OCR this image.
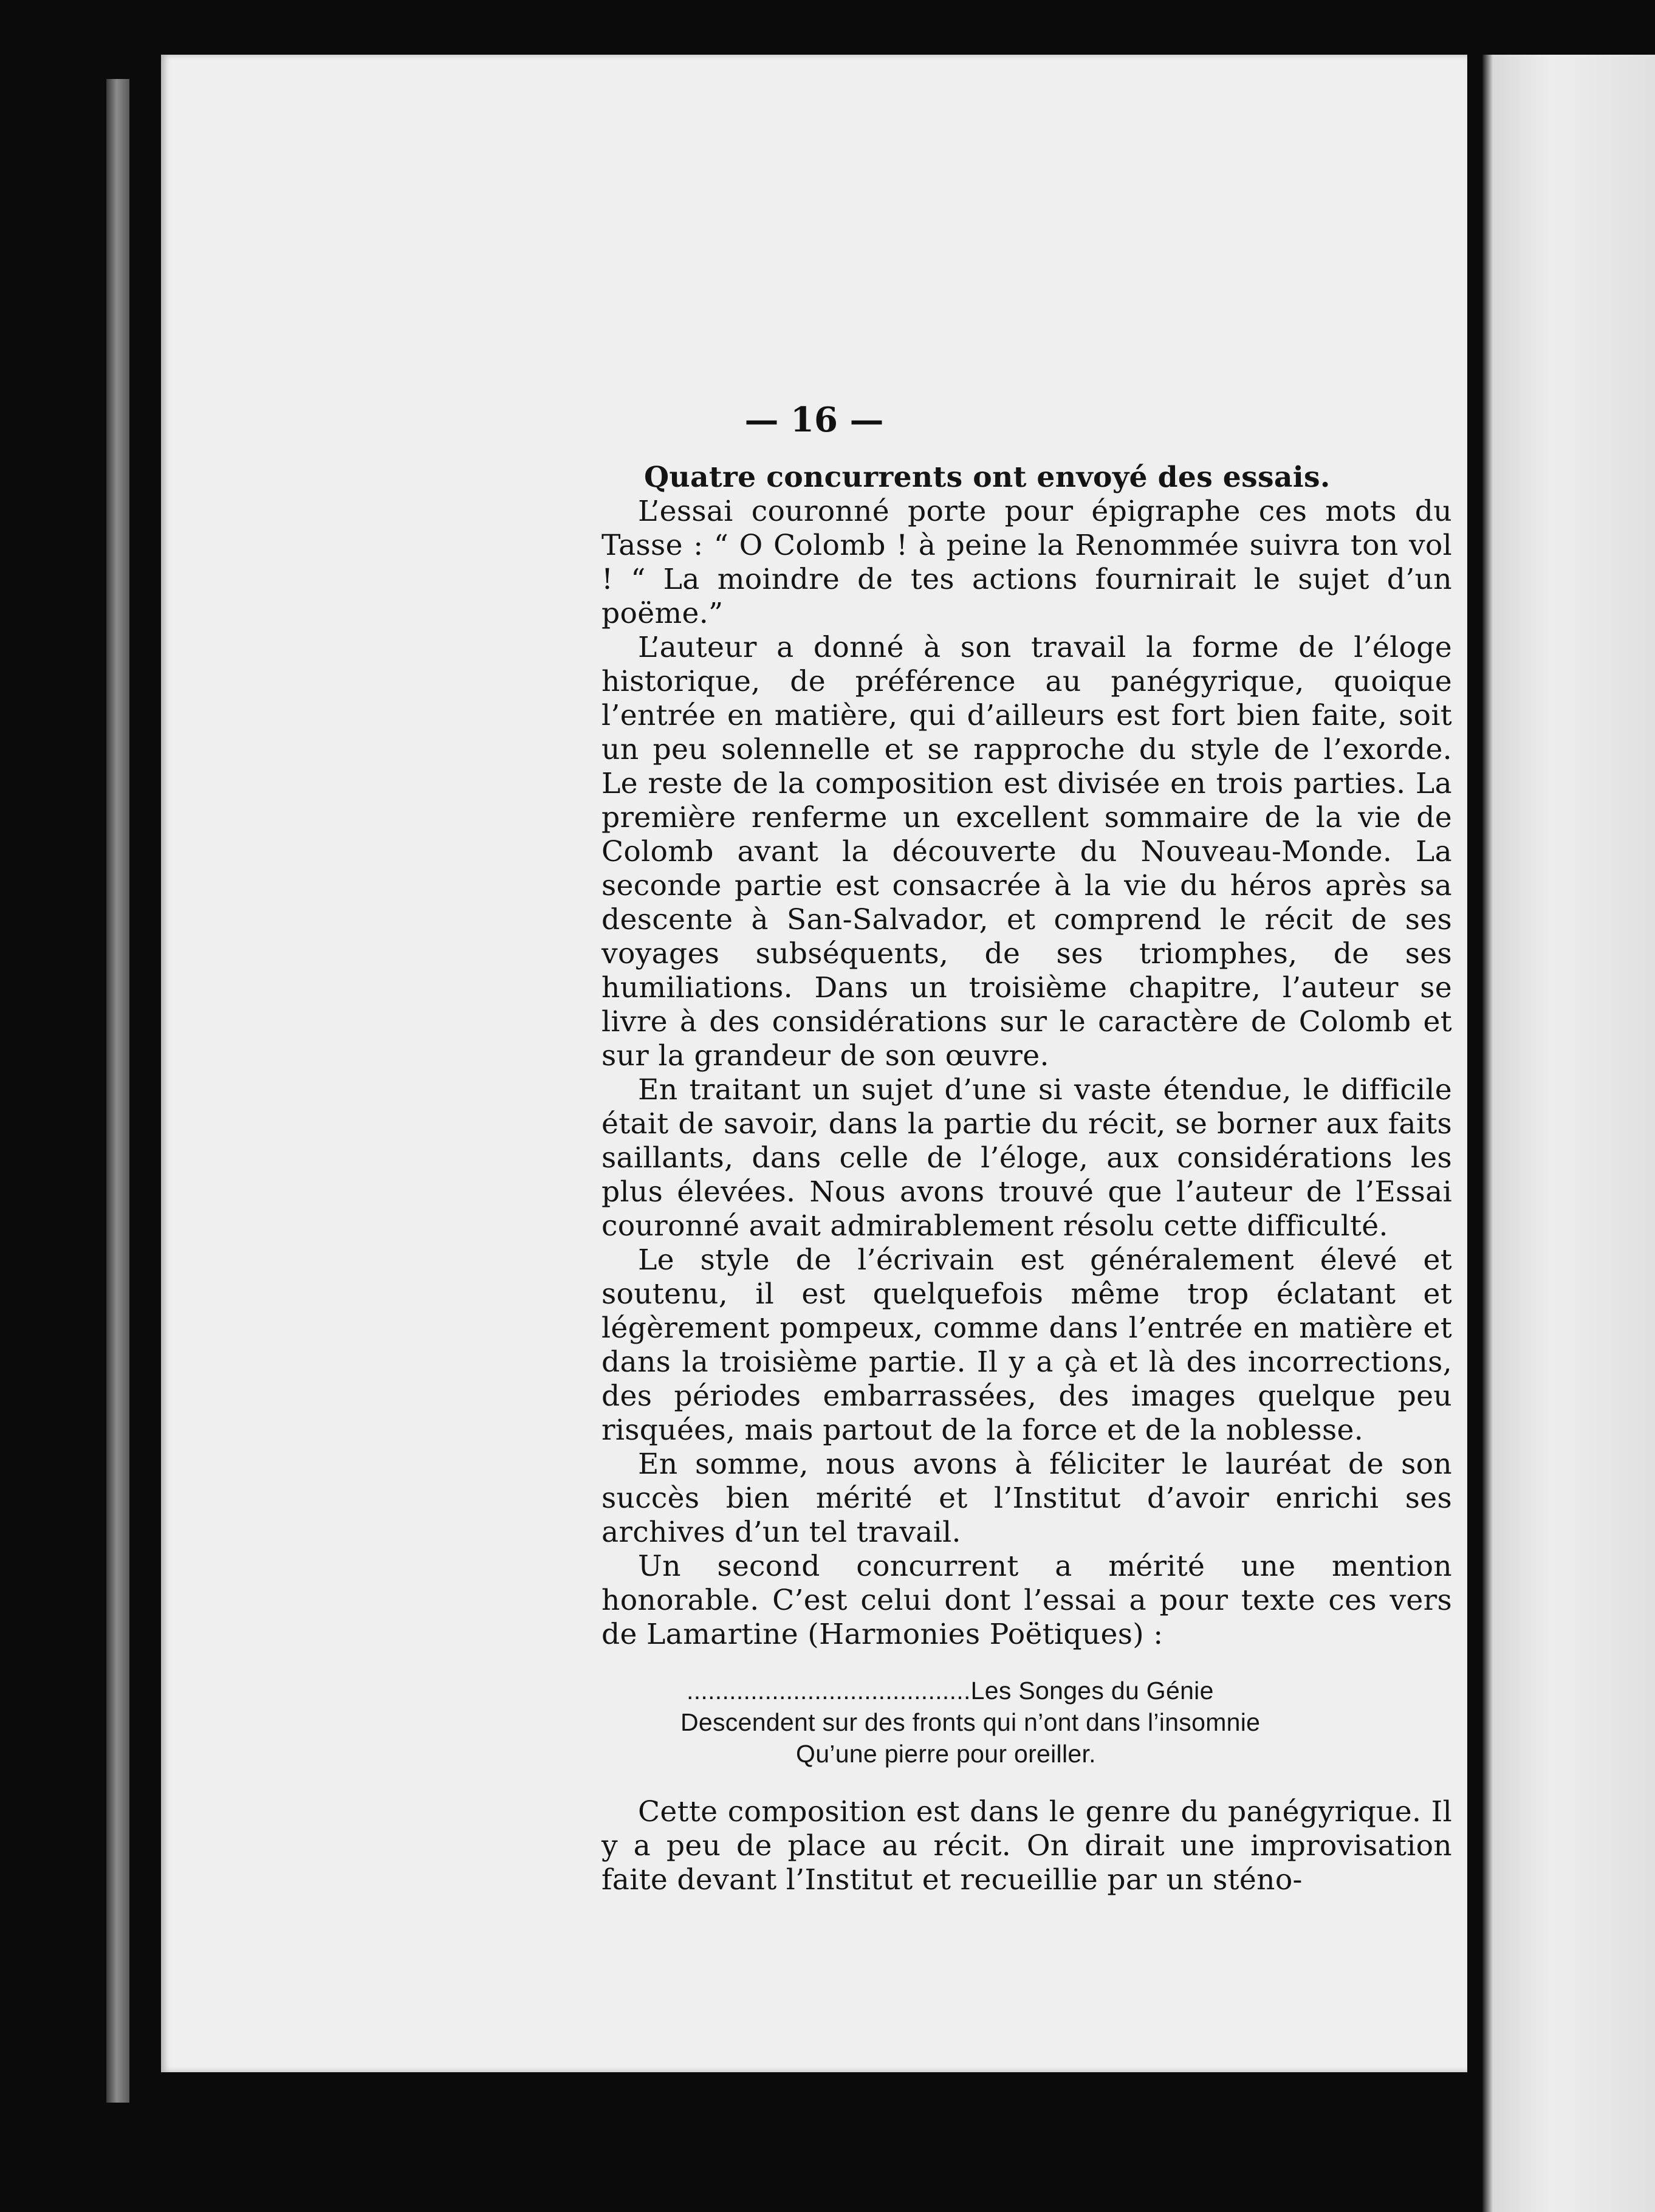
— 16 —

Quatre concurrents ont envoyé des essais.

L’essai couronné porte pour épigraphe ces mots du Tasse : “ O Colomb ! à peine la Renommée suivra ton vol ! “ La moindre de tes actions fournirait le sujet d’un poëme.”

L’auteur a donné à son travail la forme de l’éloge historique, de préférence au panégyrique, quoique l’entrée en matière, qui d’ailleurs est fort bien faite, soit un peu solennelle et se rapproche du style de l’exorde. Le reste de la composition est divisée en trois parties. La première renferme un excellent sommaire de la vie de Colomb avant la découverte du Nouveau-Monde. La seconde partie est consacrée à la vie du héros après sa descente à San-Salvador, et comprend le récit de ses voyages subséquents, de ses triomphes, de ses humiliations. Dans un troisième chapitre, l’auteur se livre à des considérations sur le caractère de Colomb et sur la grandeur de son œuvre.

En traitant un sujet d’une si vaste étendue, le difficile était de savoir, dans la partie du récit, se borner aux faits saillants, dans celle de l’éloge, aux considérations les plus élevées. Nous avons trouvé que l’auteur de l’Essai couronné avait admirablement résolu cette difficulté.

Le style de l’écrivain est généralement élevé et soutenu, il est quelquefois même trop éclatant et légèrement pompeux, comme dans l’entrée en matière et dans la troisième partie. Il y a çà et là des incorrections, des périodes embarrassées, des images quelque peu risquées, mais partout de la force et de la noblesse.

En somme, nous avons à féliciter le lauréat de son succès bien mérité et l’Institut d’avoir enrichi ses archives d’un tel travail.

Un second concurrent a mérité une mention honorable. C’est celui dont l’essai a pour texte ces vers de Lamartine (Harmonies Poëtiques) :

........................................Les Songes du Génie
Descendent sur des fronts qui n’ont dans l’insomnie
Qu’une pierre pour oreiller.

Cette composition est dans le genre du panégyrique. Il y a peu de place au récit. On dirait une improvisation faite devant l’Institut et recueillie par un sténo-
